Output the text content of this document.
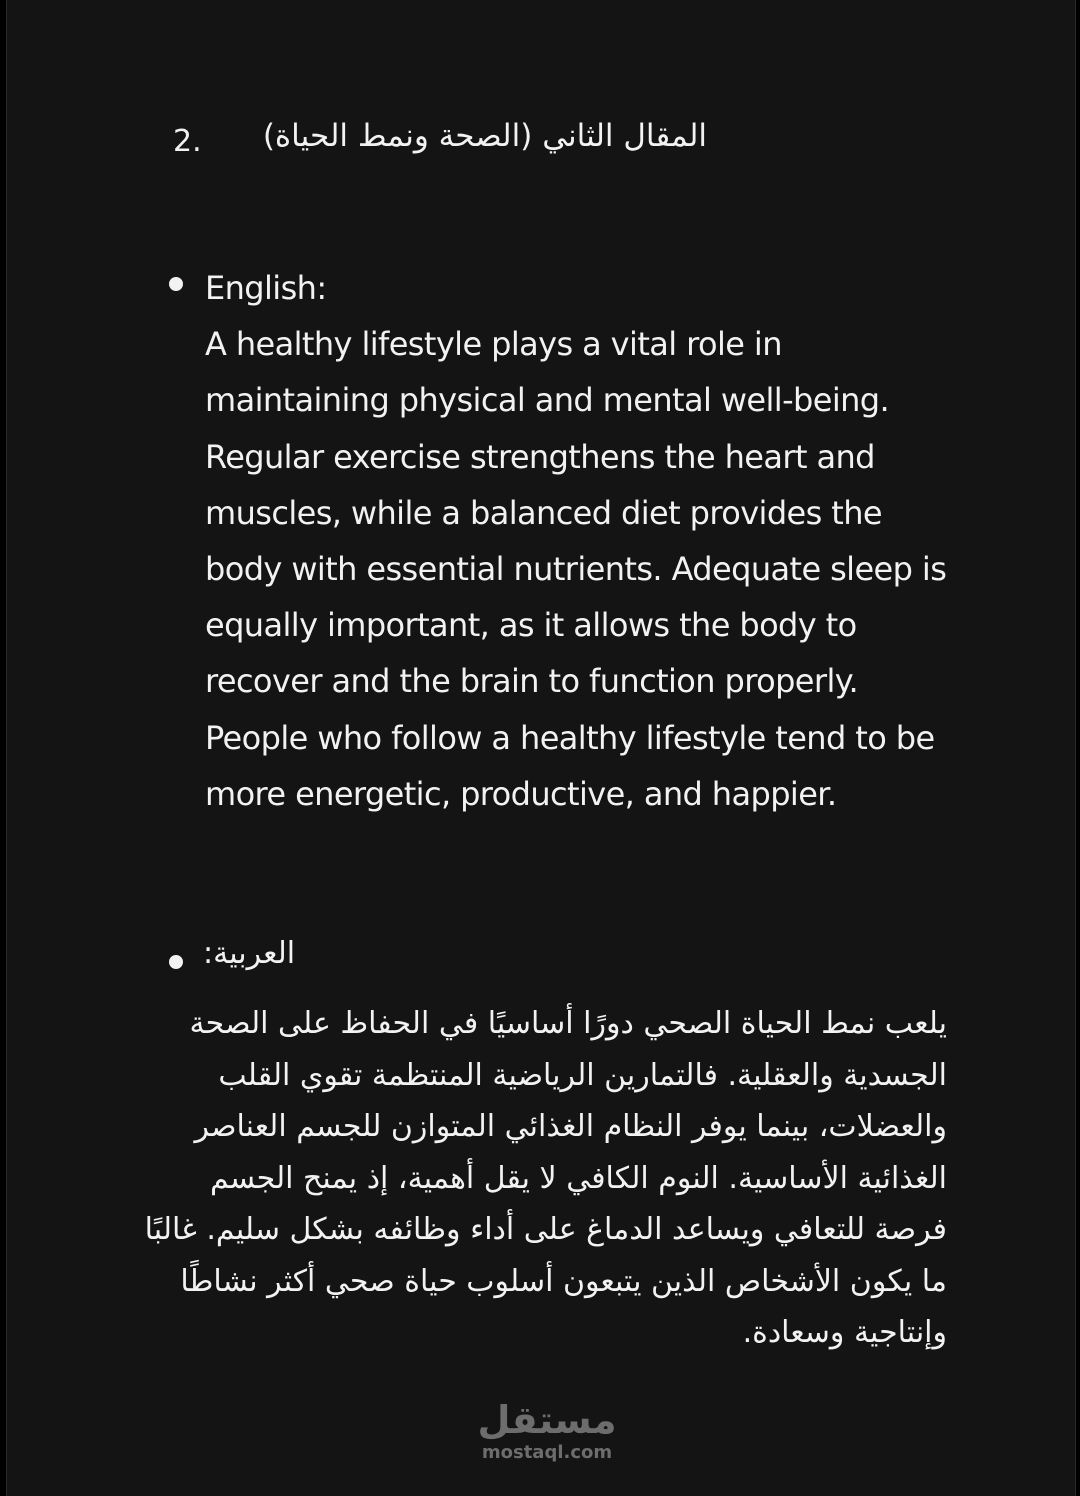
2. المقال الثاني (الصحة ونمط الحياة)
English:
A healthy lifestyle plays a vital role in maintaining physical and mental well-being. Regular exercise strengthens the heart and muscles, while a balanced diet provides the body with essential nutrients. Adequate sleep is equally important, as it allows the body to recover and the brain to function properly. People who follow a healthy lifestyle tend to be more energetic, productive, and happier.
العربية:
يلعب نمط الحياة الصحي دورًا أساسيًا في الحفاظ على الصحة الجسدية والعقلية. فالتمارين الرياضية المنتظمة تقوي القلب والعضلات، بينما يوفر النظام الغذائي المتوازن للجسم العناصر الغذائية الأساسية. النوم الكافي لا يقل أهمية، إذ يمنح الجسم فرصة للتعافي ويساعد الدماغ على أداء وظائفه بشكل سليم. غالبًا ما يكون الأشخاص الذين يتبعون أسلوب حياة صحي أكثر نشاطًا وإنتاجية وسعادة.
مستقل
mostaql.com
